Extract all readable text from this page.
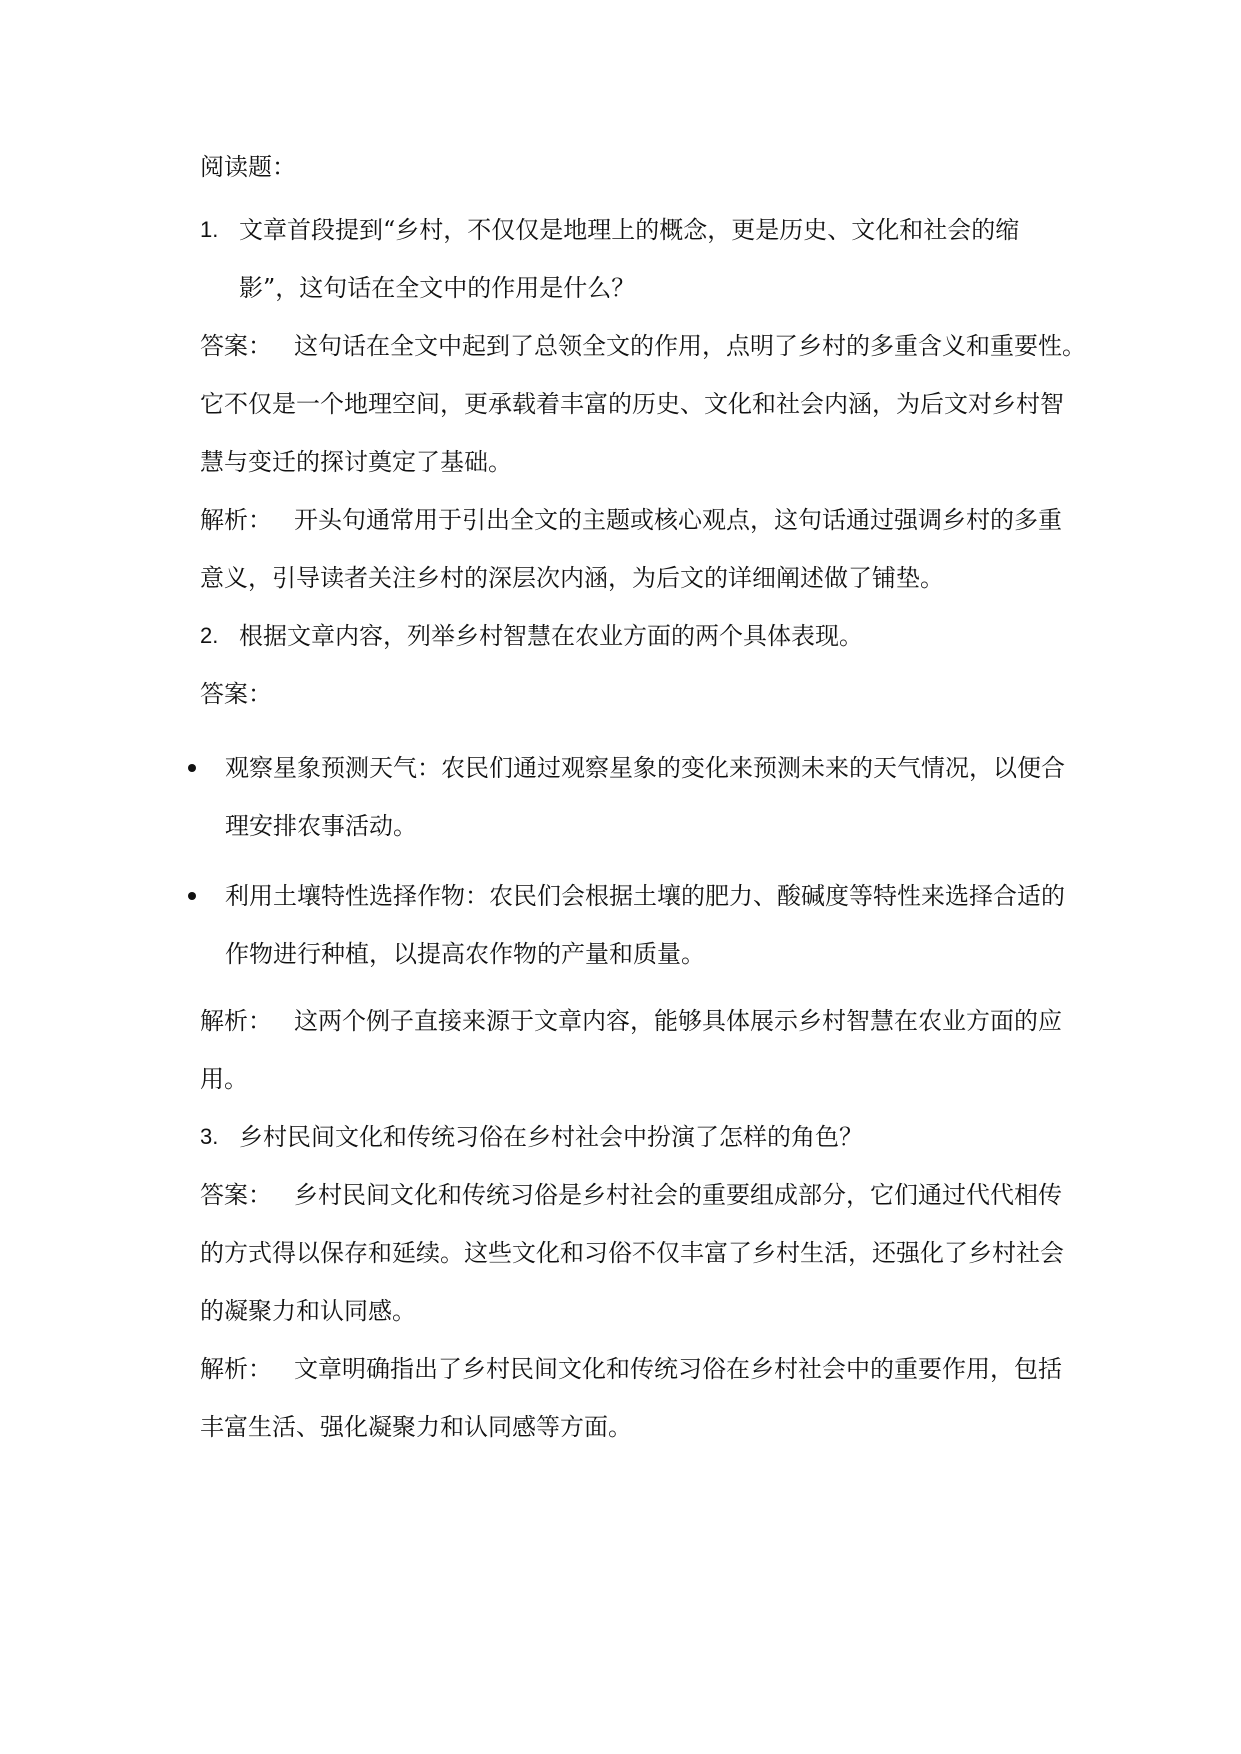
阅读题：
1. 文章首段提到“乡村，不仅仅是地理上的概念，更是历史、文化和社会的缩
影”，这句话在全文中的作用是什么？
答案： 这句话在全文中起到了总领全文的作用，点明了乡村的多重含义和重要性。
它不仅是一个地理空间，更承载着丰富的历史、文化和社会内涵，为后文对乡村智
慧与变迁的探讨奠定了基础。
解析： 开头句通常用于引出全文的主题或核心观点，这句话通过强调乡村的多重
意义，引导读者关注乡村的深层次内涵，为后文的详细阐述做了铺垫。
2. 根据文章内容，列举乡村智慧在农业方面的两个具体表现。
答案：
观察星象预测天气：农民们通过观察星象的变化来预测未来的天气情况，以便合
理安排农事活动。
利用土壤特性选择作物：农民们会根据土壤的肥力、酸碱度等特性来选择合适的
作物进行种植，以提高农作物的产量和质量。
解析： 这两个例子直接来源于文章内容，能够具体展示乡村智慧在农业方面的应
用。
3. 乡村民间文化和传统习俗在乡村社会中扮演了怎样的角色？
答案： 乡村民间文化和传统习俗是乡村社会的重要组成部分，它们通过代代相传
的方式得以保存和延续。这些文化和习俗不仅丰富了乡村生活，还强化了乡村社会
的凝聚力和认同感。
解析： 文章明确指出了乡村民间文化和传统习俗在乡村社会中的重要作用，包括
丰富生活、强化凝聚力和认同感等方面。
